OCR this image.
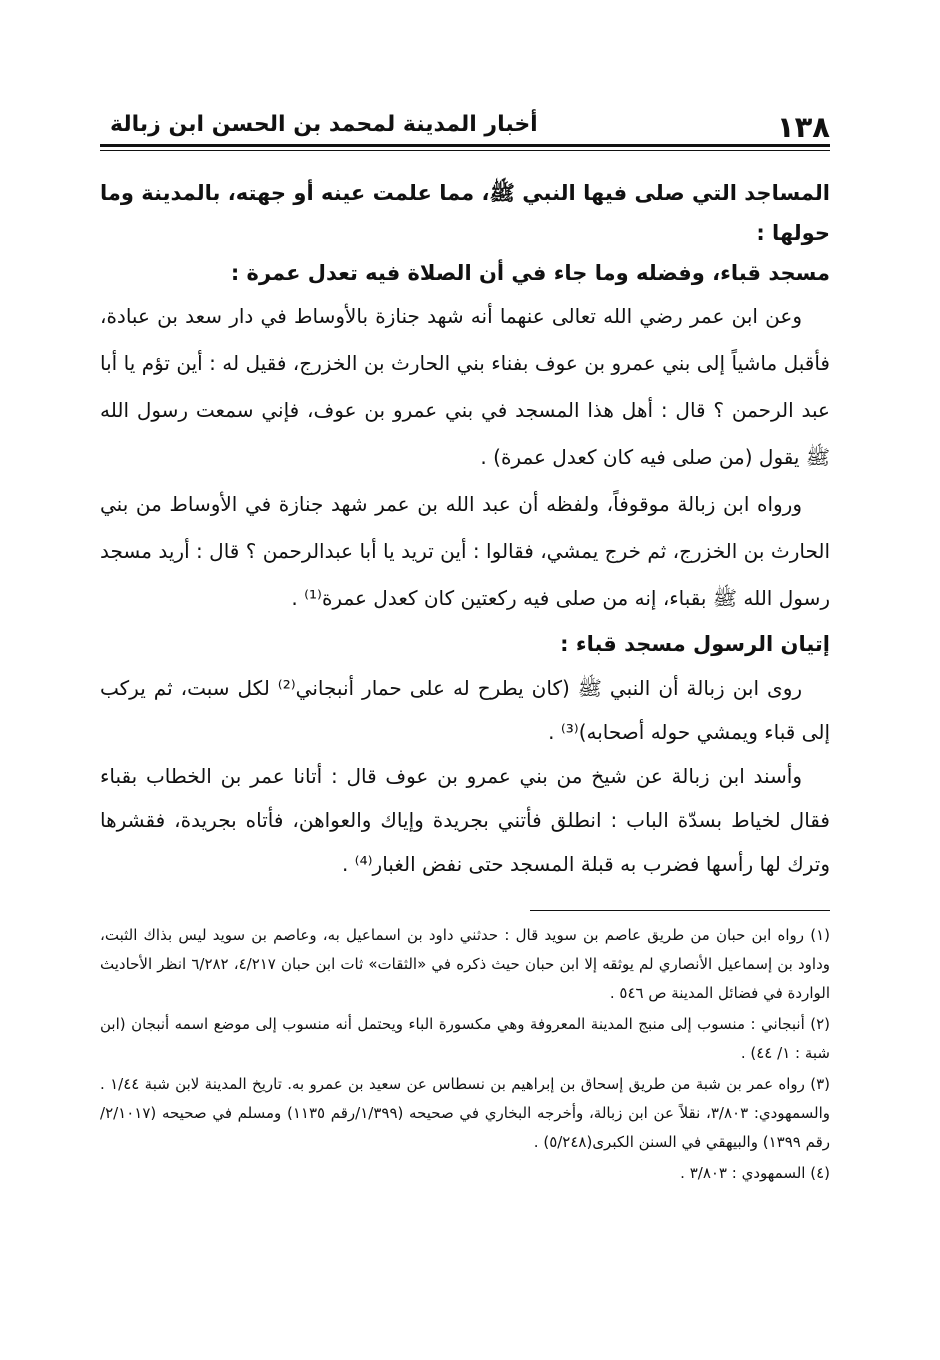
١٣٨
أخبار المدينة لمحمد بن الحسن ابن زبالة

المساجد التي صلى فيها النبي ﷺ، مما علمت عينه أو جهته، بالمدينة وما حولها :

مسجد قباء، وفضله وما جاء في أن الصلاة فيه تعدل عمرة :

وعن ابن عمر رضي الله تعالى عنهما أنه شهد جنازة بالأوساط في دار سعد بن عبادة، فأقبل ماشياً إلى بني عمرو بن عوف بفناء بني الحارث بن الخزرج، فقيل له : أين تؤم يا أبا عبد الرحمن ؟ قال : أهل هذا المسجد في بني عمرو بن عوف، فإني سمعت رسول الله ﷺ يقول (من صلى فيه كان كعدل عمرة) .

ورواه ابن زبالة موقوفاً، ولفظه أن عبد الله بن عمر شهد جنازة في الأوساط من بني الحارث بن الخزرج، ثم خرج يمشي، فقالوا : أين تريد يا أبا عبدالرحمن ؟ قال : أريد مسجد رسول الله ﷺ بقباء، إنه من صلى فيه ركعتين كان كعدل عمرة⁽¹⁾ .

إتيان الرسول مسجد قباء :

روى ابن زبالة أن النبي ﷺ (كان يطرح له على حمار أنبجاني⁽²⁾ لكل سبت، ثم يركب إلى قباء ويمشي حوله أصحابه)⁽³⁾ .

وأسند ابن زبالة عن شيخ من بني عمرو بن عوف قال : أتانا عمر بن الخطاب بقباء فقال لخياط بسدّة الباب : انطلق فأتني بجريدة وإياك والعواهن، فأتاه بجريدة، فقشرها وترك لها رأسها فضرب به قبلة المسجد حتى نفض الغبار⁽⁴⁾ .

(١) رواه ابن حبان من طريق عاصم بن سويد قال : حدثني داود بن اسماعيل به، وعاصم بن سويد ليس بذاك الثبت، وداود بن إسماعيل الأنصاري لم يوثقه إلا ابن حبان حيث ذكره في «الثقات» ثات ابن حبان ٤/٢١٧، ٦/٢٨٢ انظر الأحاديث الواردة في فضائل المدينة ص ٥٤٦ .

(٢) أنبجاني : منسوب إلى منبج المدينة المعروفة وهي مكسورة الباء ويحتمل أنه منسوب إلى موضع اسمه أنبجان (ابن شبة : ١/ ٤٤) .

(٣) رواه عمر بن شبة من طريق إسحاق بن إبراهيم بن نسطاس عن سعيد بن عمرو به. تاريخ المدينة لابن شبة ١/٤٤ . والسمهودي: ٣/٨٠٣، نقلاً عن ابن زبالة، وأخرجه البخاري في صحيحه (١/٣٩٩/رقم ١١٣٥) ومسلم في صحيحه (٢/١٠١٧/رقم ١٣٩٩) والبيهقي في السنن الكبرى(٥/٢٤٨) .

(٤) السمهودي : ٣/٨٠٣ .
